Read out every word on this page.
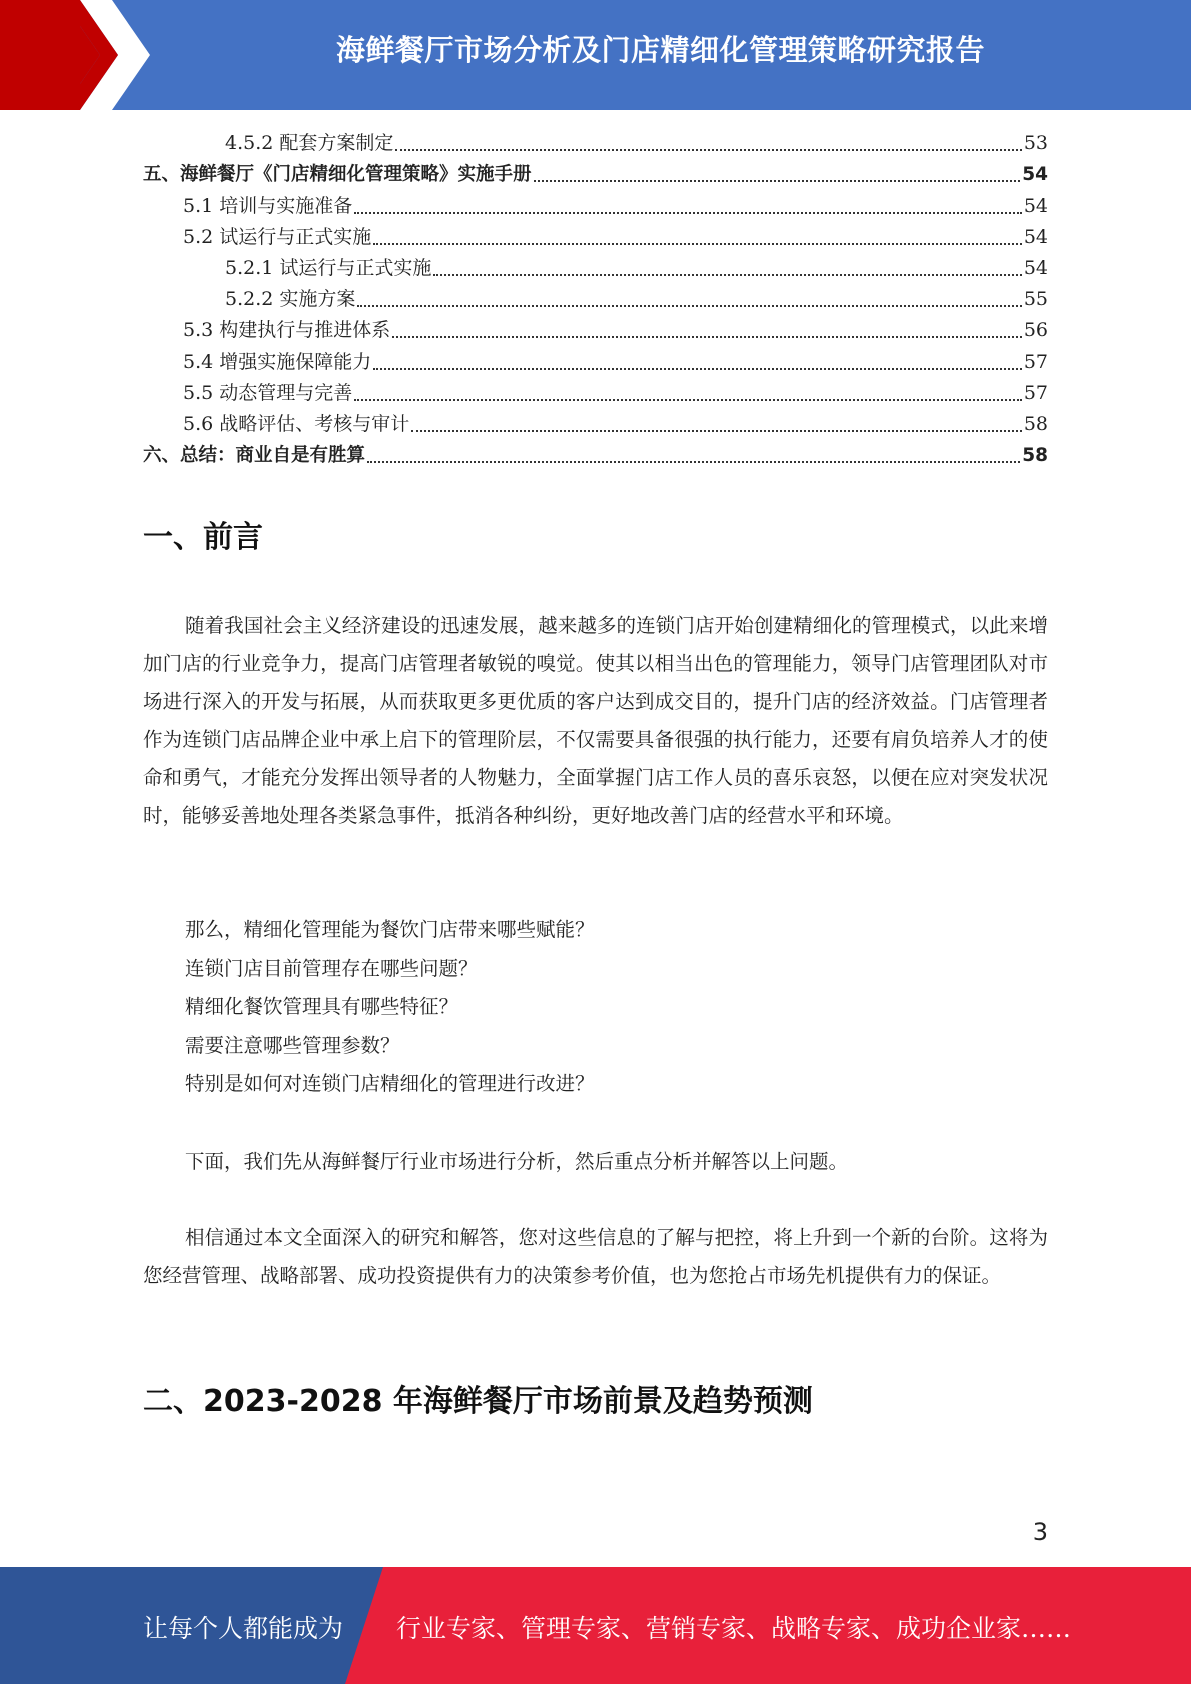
海鲜餐厅市场分析及门店精细化管理策略研究报告
4.5.2 配套方案制定	53
五、海鲜餐厅《门店精细化管理策略》实施手册	54
5.1 培训与实施准备	54
5.2 试运行与正式实施	54
5.2.1 试运行与正式实施	54
5.2.2 实施方案	55
5.3 构建执行与推进体系	56
5.4 增强实施保障能力	57
5.5 动态管理与完善	57
5.6 战略评估、考核与审计	58
六、总结：商业自是有胜算	58
一、前言

随着我国社会主义经济建设的迅速发展，越来越多的连锁门店开始创建精细化的管理模式，以此来增加门店的行业竞争力，提高门店管理者敏锐的嗅觉。使其以相当出色的管理能力，领导门店管理团队对市场进行深入的开发与拓展，从而获取更多更优质的客户达到成交目的，提升门店的经济效益。门店管理者作为连锁门店品牌企业中承上启下的管理阶层，不仅需要具备很强的执行能力，还要有肩负培养人才的使命和勇气，才能充分发挥出领导者的人物魅力，全面掌握门店工作人员的喜乐哀怒，以便在应对突发状况时，能够妥善地处理各类紧急事件，抵消各种纠纷，更好地改善门店的经营水平和环境。

那么，精细化管理能为餐饮门店带来哪些赋能？
连锁门店目前管理存在哪些问题？
精细化餐饮管理具有哪些特征？
需要注意哪些管理参数？
特别是如何对连锁门店精细化的管理进行改进？

下面，我们先从海鲜餐厅行业市场进行分析，然后重点分析并解答以上问题。

相信通过本文全面深入的研究和解答，您对这些信息的了解与把控，将上升到一个新的台阶。这将为您经营管理、战略部署、成功投资提供有力的决策参考价值，也为您抢占市场先机提供有力的保证。

二、2023-2028 年海鲜餐厅市场前景及趋势预测
3
让每个人都能成为 行业专家、管理专家、营销专家、战略专家、成功企业家……
